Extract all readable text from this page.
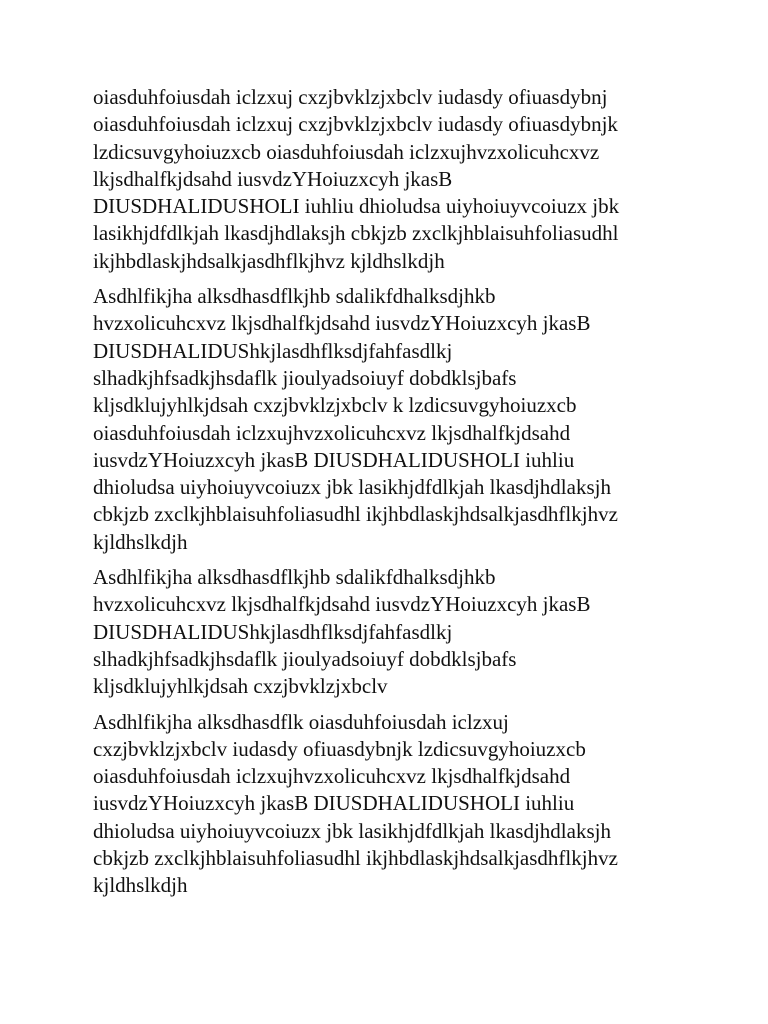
oiasduhfoiusdah iclzxuj cxzjbvklzjxbclv iudasdy ofiuasdybnj
oiasduhfoiusdah iclzxuj cxzjbvklzjxbclv iudasdy ofiuasdybnjk
lzdicsuvgyhoiuzxcb oiasduhfoiusdah iclzxujhvzxolicuhcxvz
lkjsdhalfkjdsahd iusvdzYHoiuzxcyh jkasB
DIUSDHALIDUSHOLI iuhliu dhioludsa uiyhoiuyvcoiuzx jbk
lasikhjdfdlkjah lkasdjhdlaksjh cbkjzb zxclkjhblaisuhfoliasudhl
ikjhbdlaskjhdsalkjasdhflkjhvz kjldhslkdjh

Asdhlfikjha alksdhasdflkjhb sdalikfdhalksdjhkb
hvzxolicuhcxvz lkjsdhalfkjdsahd iusvdzYHoiuzxcyh jkasB
DIUSDHALIDUShkjlasdhflksdjfahfasdlkj
slhadkjhfsadkjhsdaflk jioulyadsoiuyf dobdklsjbafs
kljsdklujyhlkjdsah cxzjbvklzjxbclv k lzdicsuvgyhoiuzxcb
oiasduhfoiusdah iclzxujhvzxolicuhcxvz lkjsdhalfkjdsahd
iusvdzYHoiuzxcyh jkasB DIUSDHALIDUSHOLI iuhliu
dhioludsa uiyhoiuyvcoiuzx jbk lasikhjdfdlkjah lkasdjhdlaksjh
cbkjzb zxclkjhblaisuhfoliasudhl ikjhbdlaskjhdsalkjasdhflkjhvz
kjldhslkdjh

Asdhlfikjha alksdhasdflkjhb sdalikfdhalksdjhkb
hvzxolicuhcxvz lkjsdhalfkjdsahd iusvdzYHoiuzxcyh jkasB
DIUSDHALIDUShkjlasdhflksdjfahfasdlkj
slhadkjhfsadkjhsdaflk jioulyadsoiuyf dobdklsjbafs
kljsdklujyhlkjdsah cxzjbvklzjxbclv

Asdhlfikjha alksdhasdflk oiasduhfoiusdah iclzxuj
cxzjbvklzjxbclv iudasdy ofiuasdybnjk lzdicsuvgyhoiuzxcb
oiasduhfoiusdah iclzxujhvzxolicuhcxvz lkjsdhalfkjdsahd
iusvdzYHoiuzxcyh jkasB DIUSDHALIDUSHOLI iuhliu
dhioludsa uiyhoiuyvcoiuzx jbk lasikhjdfdlkjah lkasdjhdlaksjh
cbkjzb zxclkjhblaisuhfoliasudhl ikjhbdlaskjhdsalkjasdhflkjhvz
kjldhslkdjh
